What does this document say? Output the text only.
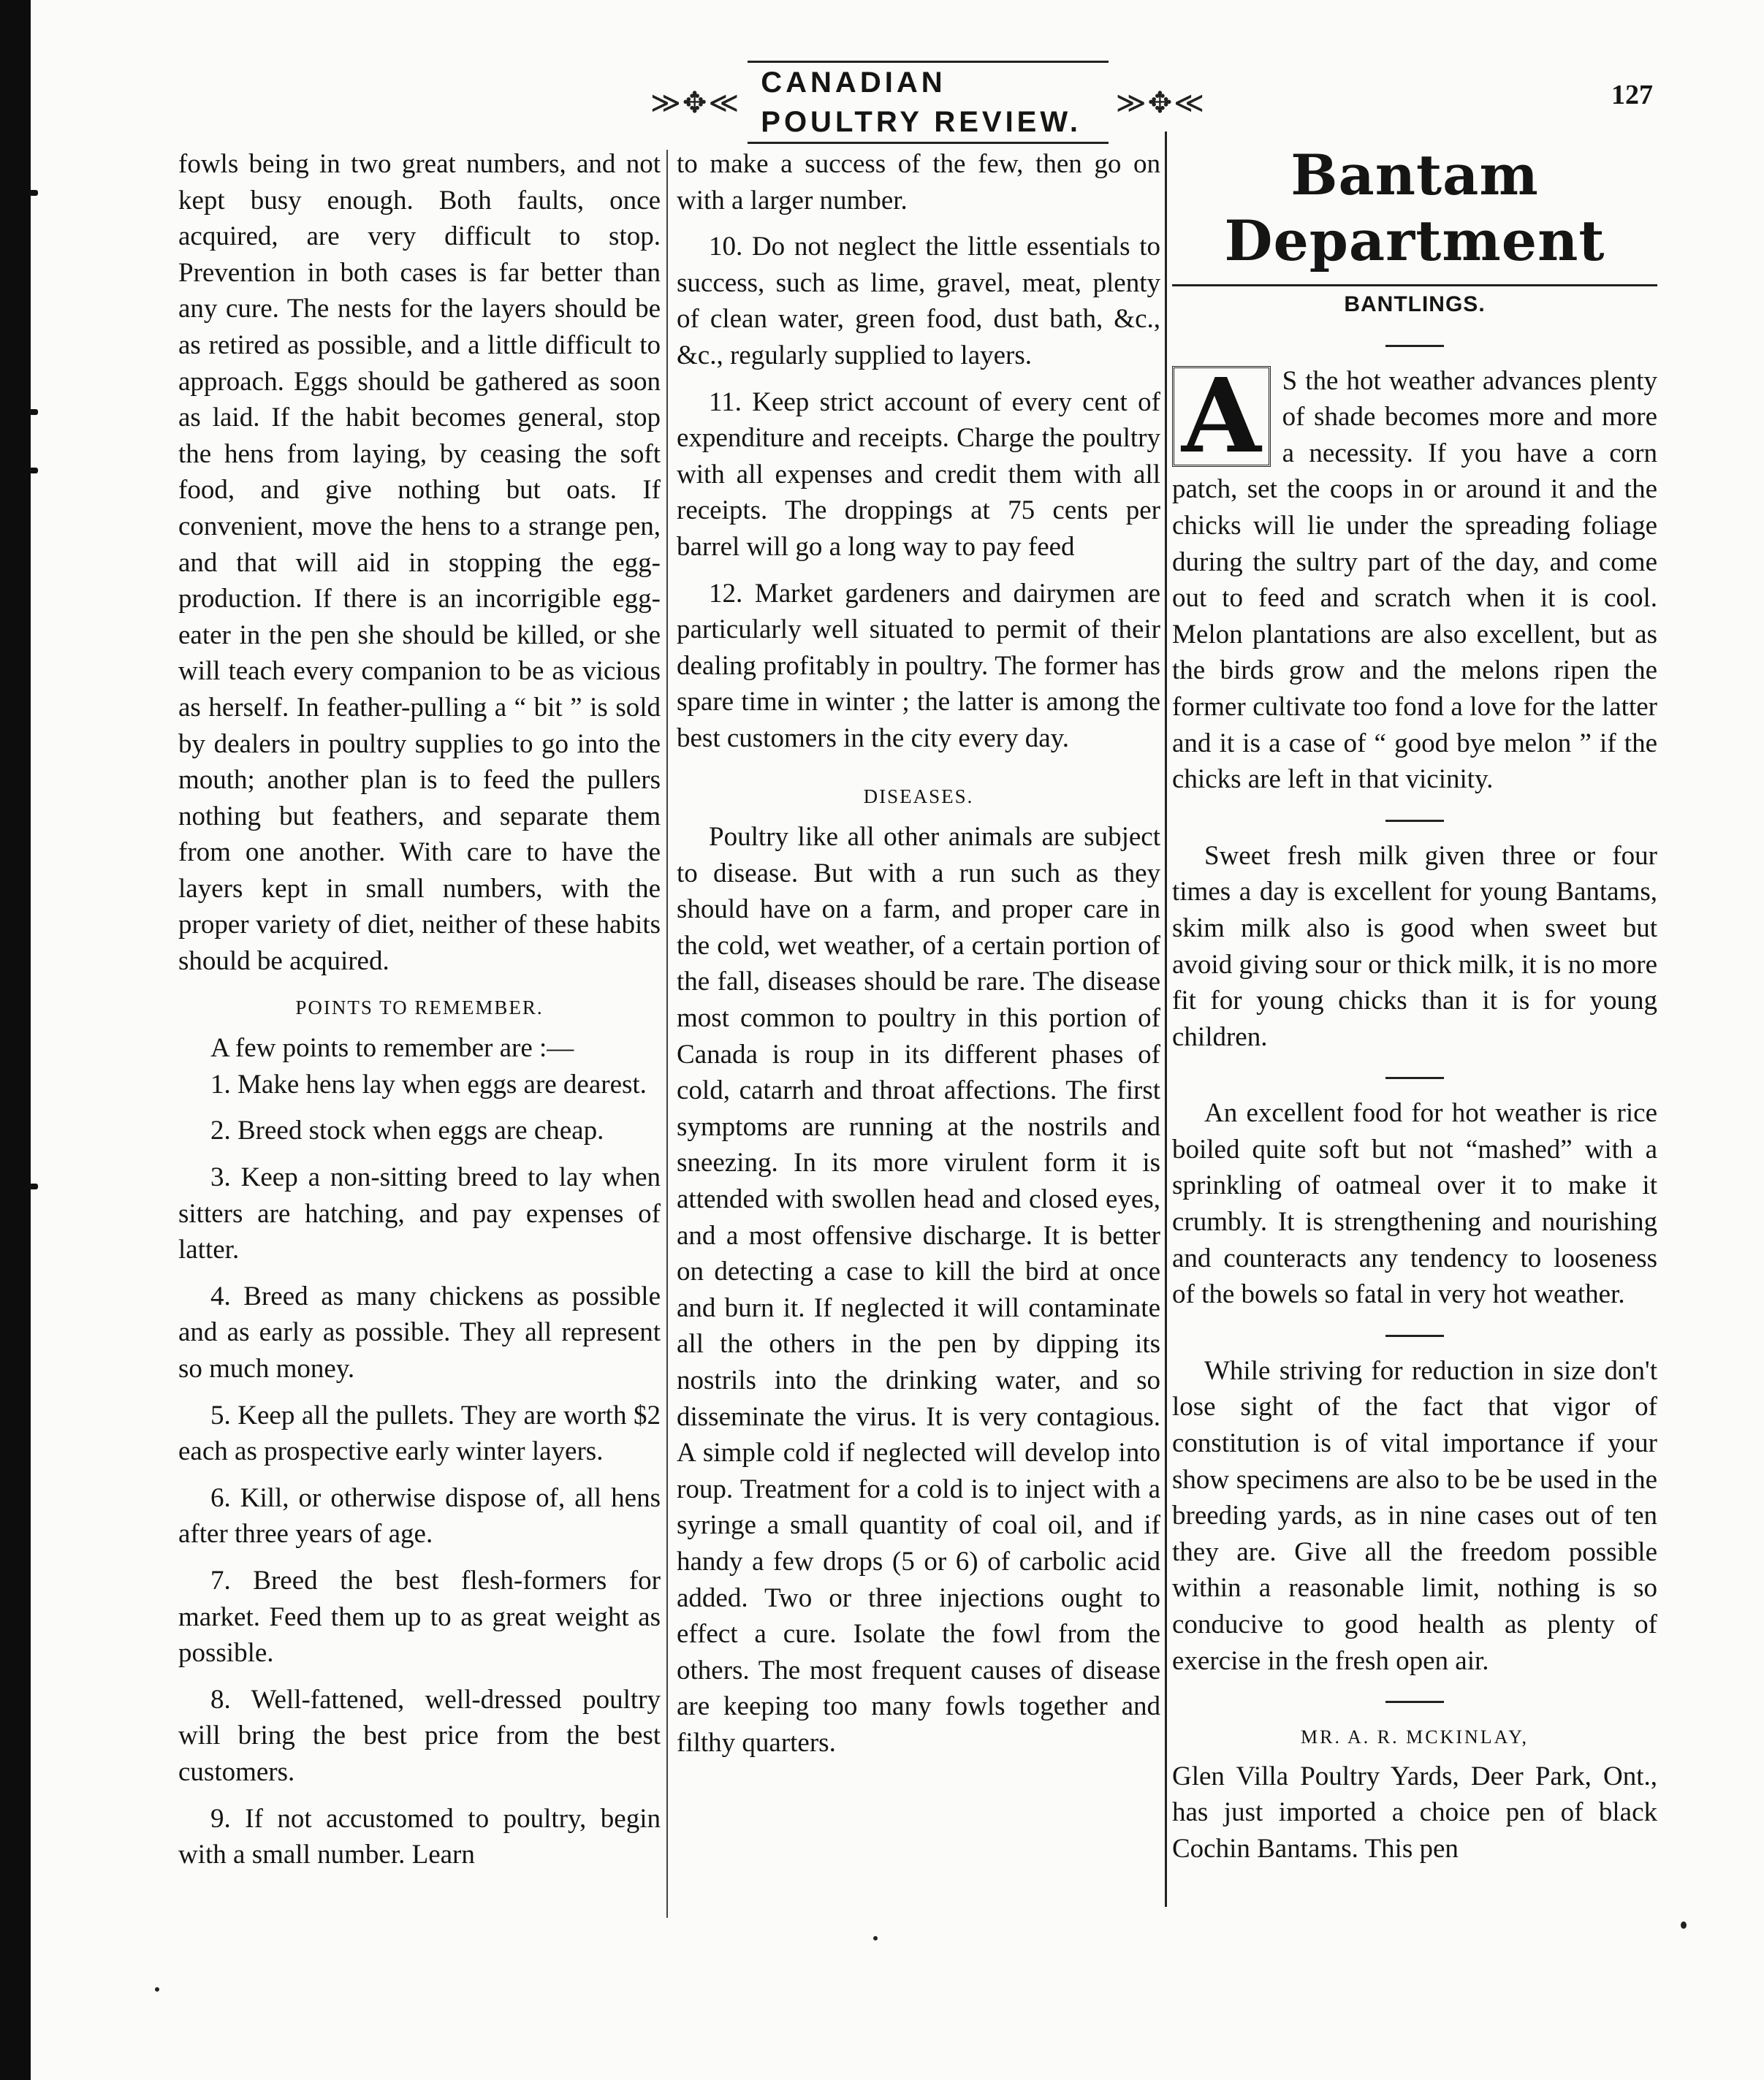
≫✥≪
CANADIAN POULTRY REVIEW.
≫✥≪	127

fowls being in two great numbers, and not kept busy enough. Both faults, once acquired, are very difficult to stop. Prevention in both cases is far better than any cure. The nests for the layers should be as retired as possible, and a little difficult to approach. Eggs should be gathered as soon as laid. If the habit becomes general, stop the hens from laying, by ceasing the soft food, and give nothing but oats. If convenient, move the hens to a strange pen, and that will aid in stopping the egg-production. If there is an incorrigible egg-eater in the pen she should be killed, or she will teach every companion to be as vicious as herself. In feather-pulling a “ bit ” is sold by dealers in poultry supplies to go into the mouth; another plan is to feed the pullers nothing but feathers, and separate them from one another. With care to have the layers kept in small numbers, with the proper variety of diet, neither of these habits should be acquired.

POINTS TO REMEMBER.

A few points to remember are :—

1. Make hens lay when eggs are dearest.

2. Breed stock when eggs are cheap.

3. Keep a non-sitting breed to lay when sitters are hatching, and pay expenses of latter.

4. Breed as many chickens as possible and as early as possible. They all represent so much money.

5. Keep all the pullets. They are worth $2 each as prospective early winter layers.

6. Kill, or otherwise dispose of, all hens after three years of age.

7. Breed the best flesh-formers for market. Feed them up to as great weight as possible.

8. Well-fattened, well-dressed poultry will bring the best price from the best customers.

9. If not accustomed to poultry, begin with a small number. Learn

to make a success of the few, then go on with a larger number.

10. Do not neglect the little essentials to success, such as lime, gravel, meat, plenty of clean water, green food, dust bath, &c., &c., regularly supplied to layers.

11. Keep strict account of every cent of expenditure and receipts. Charge the poultry with all expenses and credit them with all receipts. The droppings at 75 cents per barrel will go a long way to pay feed

12. Market gardeners and dairymen are particularly well situated to permit of their dealing profitably in poultry. The former has spare time in winter ; the latter is among the best customers in the city every day.

DISEASES.

Poultry like all other animals are subject to disease. But with a run such as they should have on a farm, and proper care in the cold, wet weather, of a certain portion of the fall, diseases should be rare. The disease most common to poultry in this portion of Canada is roup in its different phases of cold, catarrh and throat affections. The first symptoms are running at the nostrils and sneezing. In its more virulent form it is attended with swollen head and closed eyes, and a most offensive discharge. It is better on detecting a case to kill the bird at once and burn it. If neglected it will contaminate all the others in the pen by dipping its nostrils into the drinking water, and so disseminate the virus. It is very contagious. A simple cold if neglected will develop into roup. Treatment for a cold is to inject with a syringe a small quantity of coal oil, and if handy a few drops (5 or 6) of carbolic acid added. Two or three injections ought to effect a cure. Isolate the fowl from the others. The most frequent causes of disease are keeping too many fowls together and filthy quarters.

Bantam Department

BANTLINGS.

A S the hot weather advances plenty of shade becomes more and more a necessity. If you have a corn patch, set the coops in or around it and the chicks will lie under the spreading foliage during the sultry part of the day, and come out to feed and scratch when it is cool. Melon plantations are also excellent, but as the birds grow and the melons ripen the former cultivate too fond a love for the latter and it is a case of “ good bye melon ” if the chicks are left in that vicinity.

Sweet fresh milk given three or four times a day is excellent for young Bantams, skim milk also is good when sweet but avoid giving sour or thick milk, it is no more fit for young chicks than it is for young children.

An excellent food for hot weather is rice boiled quite soft but not “mashed” with a sprinkling of oatmeal over it to make it crumbly. It is strengthening and nourishing and counteracts any tendency to looseness of the bowels so fatal in very hot weather.

While striving for reduction in size don't lose sight of the fact that vigor of constitution is of vital importance if your show specimens are also to be be used in the breeding yards, as in nine cases out of ten they are. Give all the freedom possible within a reasonable limit, nothing is so conducive to good health as plenty of exercise in the fresh open air.

MR. A. R. MCKINLAY,

Glen Villa Poultry Yards, Deer Park, Ont., has just imported a choice pen of black Cochin Bantams. This pen
